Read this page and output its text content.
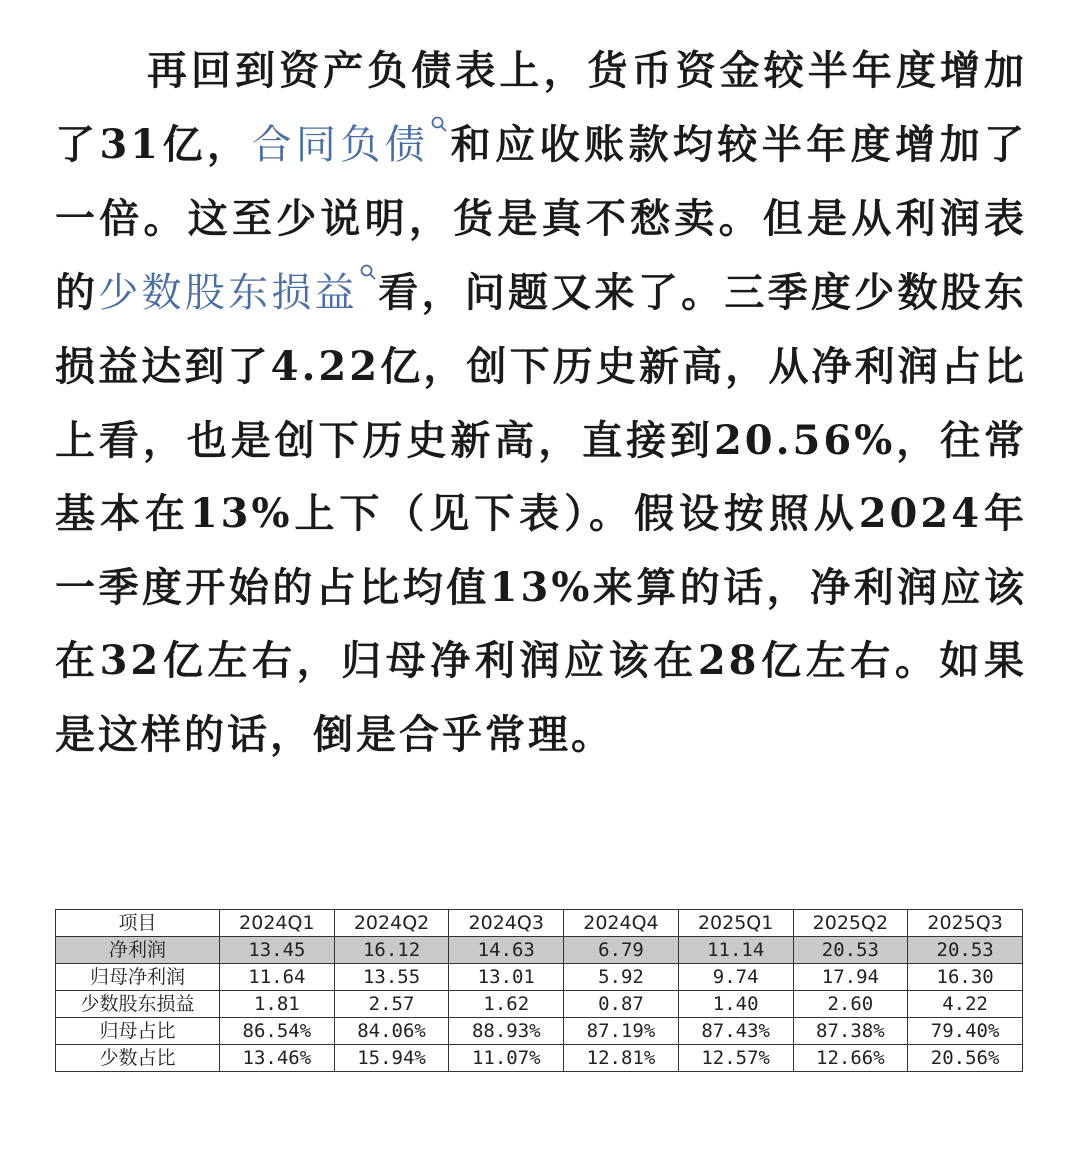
再回到资产负债表上，货币资金较半年度增加了31亿，合同负债 和应收账款均较半年度增加了一倍。这至少说明，货是真不愁卖。但是从利润表的少数股东损益 看，问题又来了。三季度少数股东损益达到了4.22亿，创下历史新高，从净利润占比上看，也是创下历史新高，直接到20.56%，往常基本在13%上下（见下表）。假设按照从2024年一季度开始的占比均值13%来算的话，净利润应该在32亿左右，归母净利润应该在28亿左右。如果是这样的话，倒是合乎常理。

项目	2024Q1	2024Q2	2024Q3	2024Q4	2025Q1	2025Q2	2025Q3
净利润	13.45	16.12	14.63	6.79	11.14	20.53	20.53
归母净利润	11.64	13.55	13.01	5.92	9.74	17.94	16.30
少数股东损益	1.81	2.57	1.62	0.87	1.40	2.60	4.22
归母占比	86.54%	84.06%	88.93%	87.19%	87.43%	87.38%	79.40%
少数占比	13.46%	15.94%	11.07%	12.81%	12.57%	12.66%	20.56%
